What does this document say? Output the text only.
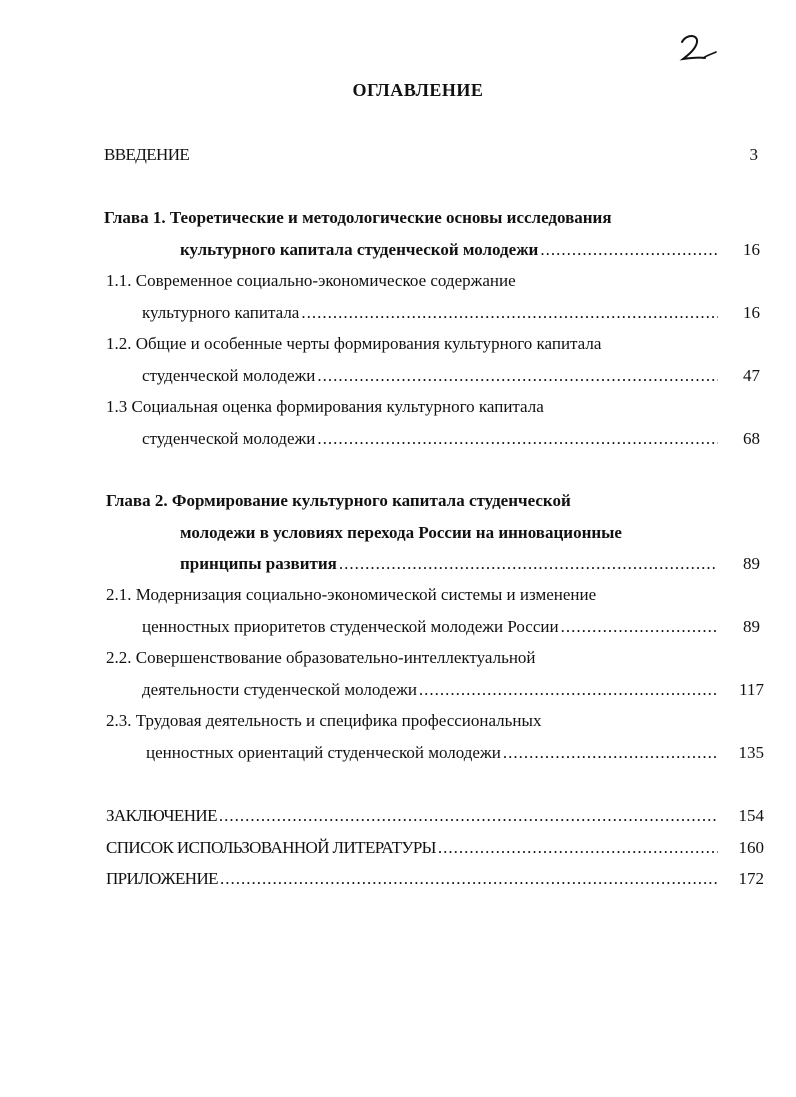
ОГЛАВЛЕНИЕ
ВВЕДЕНИЕ	3
Глава 1. Теоретические и методологические основы исследования
культурного капитала студенческой молодежи .....	16
1.1. Современное социально-экономическое содержание
культурного капитала .....	16
1.2. Общие и особенные черты формирования культурного капитала
студенческой молодежи .....	47
1.3 Социальная оценка формирования культурного капитала
студенческой молодежи .....	68
Глава 2. Формирование культурного капитала студенческой
молодежи в условиях перехода России на инновационные
принципы развития .....	89
2.1. Модернизация социально-экономической системы и изменение
ценностных приоритетов студенческой молодежи России .....	89
2.2. Совершенствование образовательно-интеллектуальной
деятельности студенческой молодежи .....	117
2.3. Трудовая деятельность и специфика профессиональных
ценностных ориентаций студенческой молодежи .....	135
ЗАКЛЮЧЕНИЕ .....	154
СПИСОК ИСПОЛЬЗОВАННОЙ ЛИТЕРАТУРЫ .....	160
ПРИЛОЖЕНИЕ .....	172
